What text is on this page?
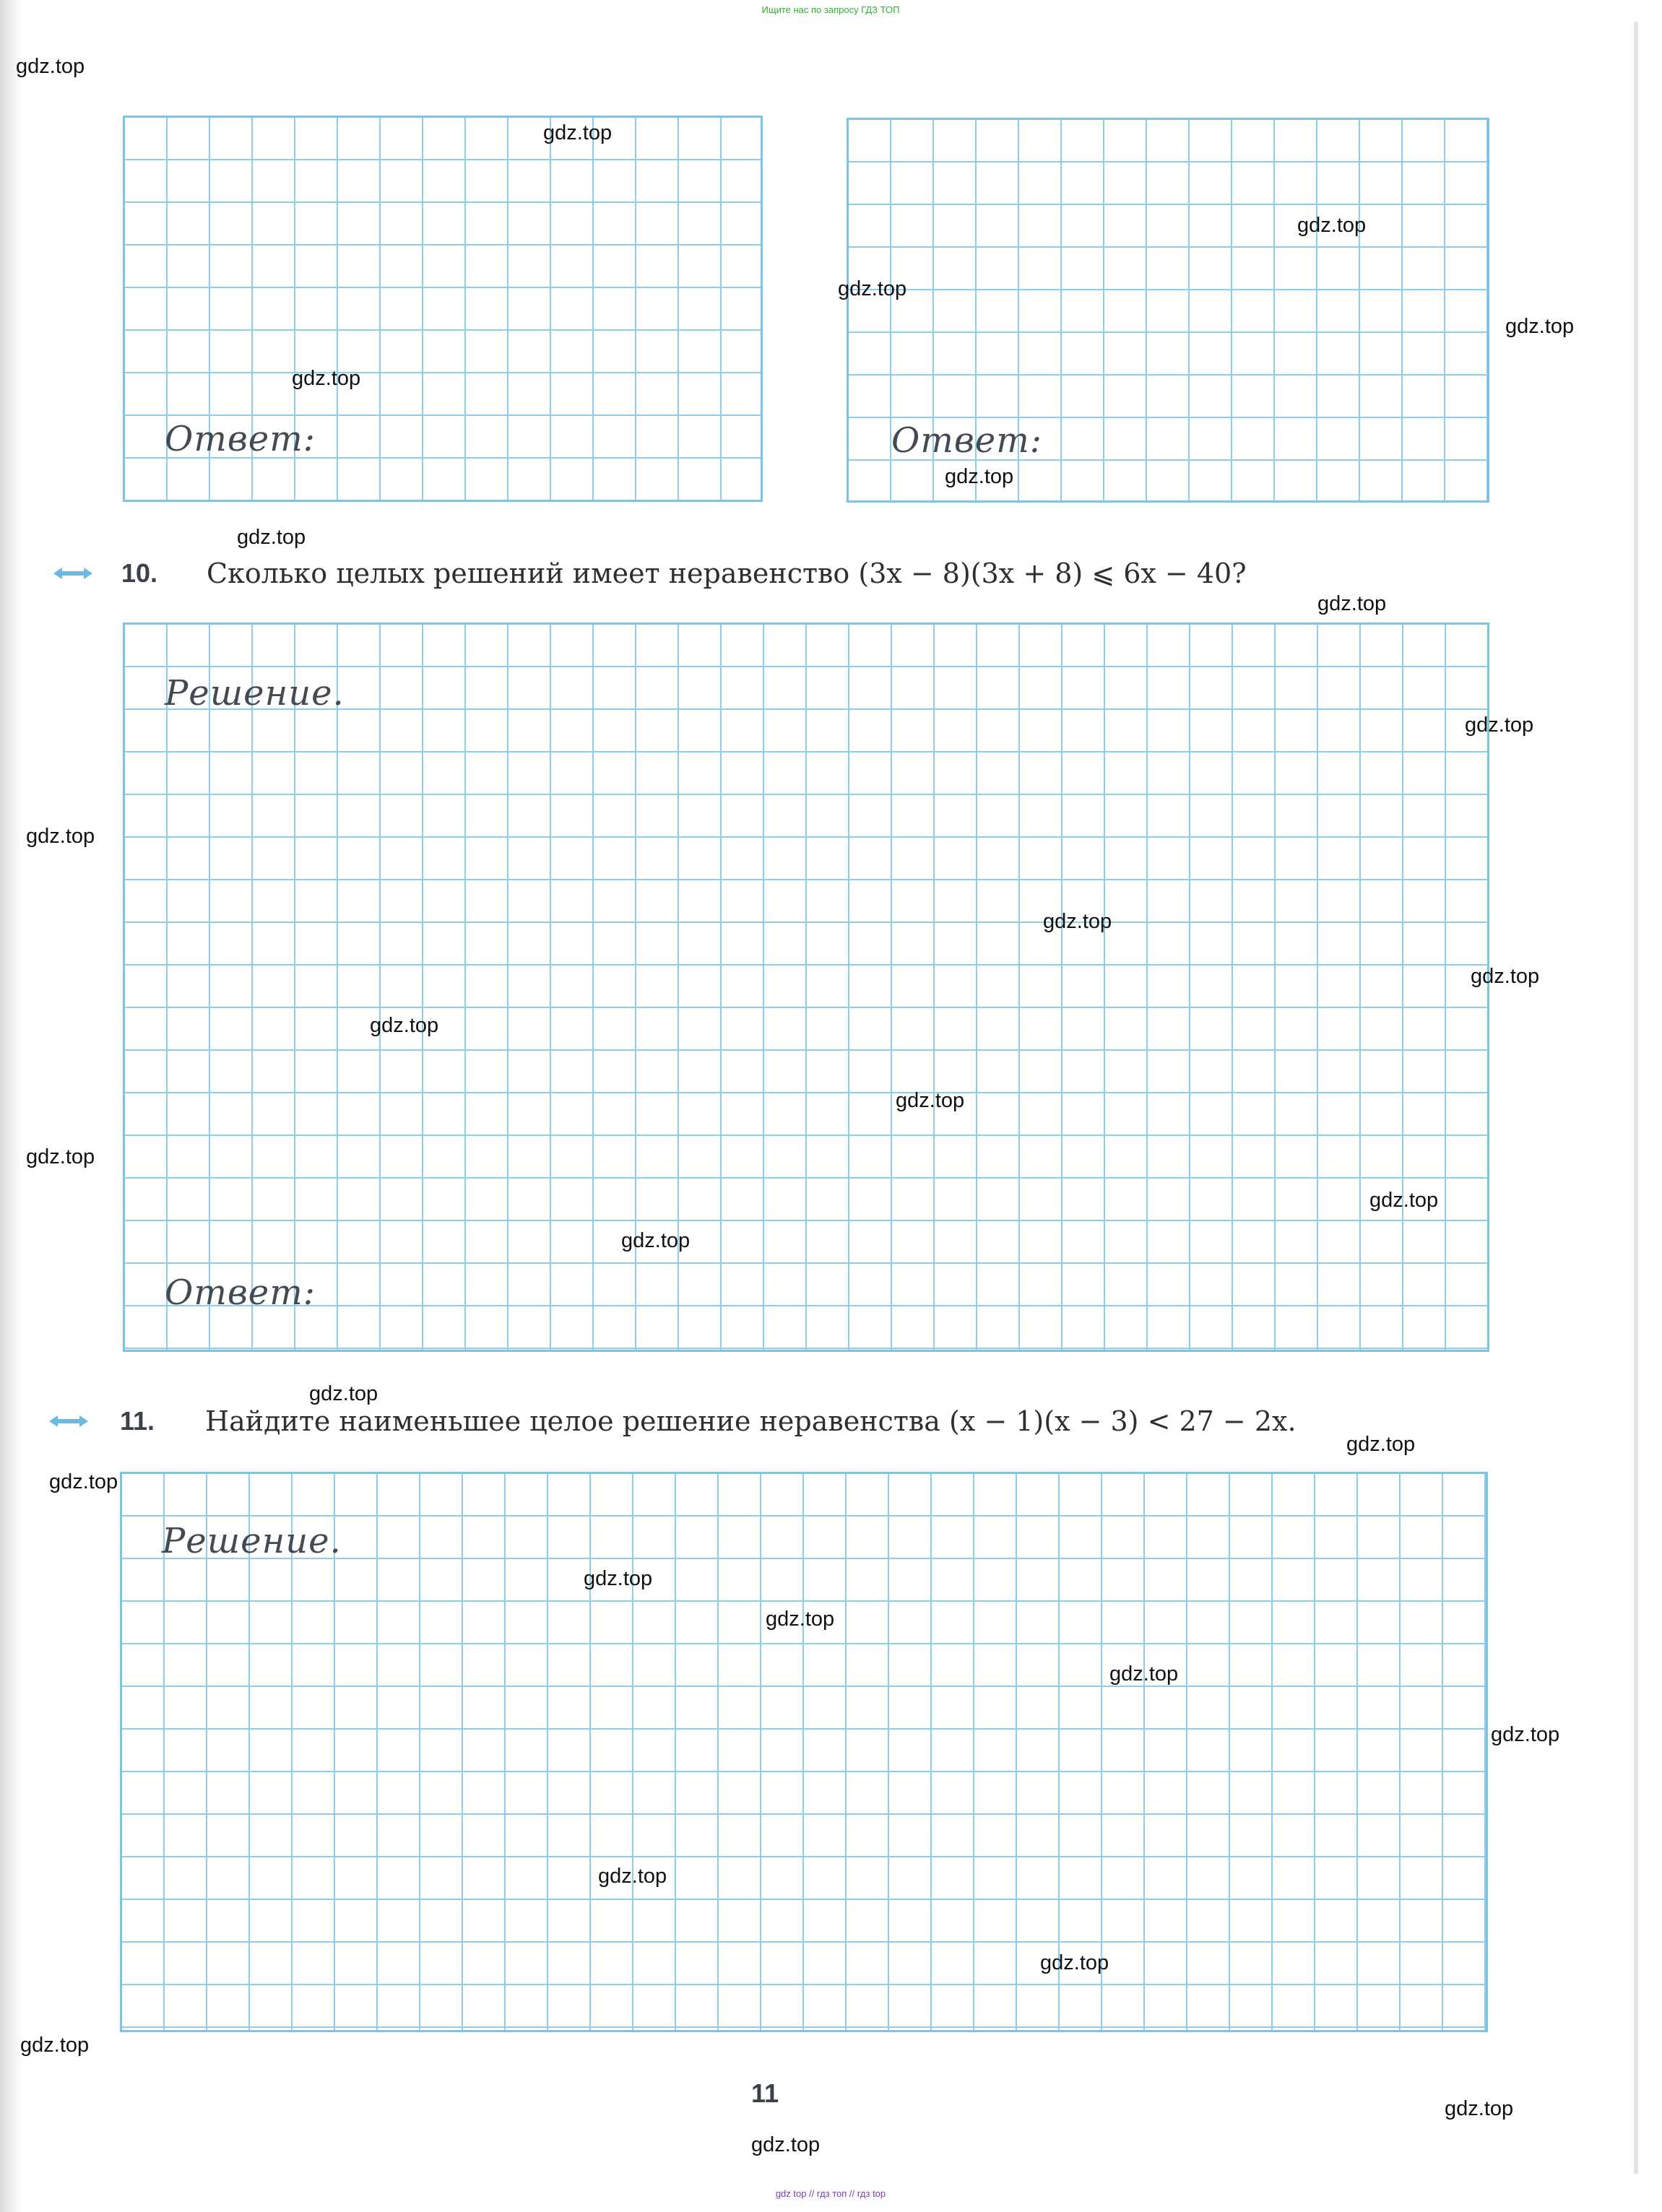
Ищите нас по запросу ГДЗ ТОП
Ответ:	Ответ:
10. Сколько целых решений имеет неравенство (3x − 8)(3x + 8) ⩽ 6x − 40?
Решение.
Ответ:
11. Найдите наименьшее целое решение неравенства (x − 1)(x − 3) < 27 − 2x.
Решение.
11
gdz.top
gdz.top
gdz.top
gdz.top
gdz.top
gdz.top
gdz.top
gdz.top
gdz.top
gdz.top
gdz.top
gdz.top
gdz.top
gdz.top
gdz.top
gdz.top
gdz.top
gdz.top
gdz.top
gdz.top
gdz.top
gdz.top
gdz.top
gdz.top
gdz.top
gdz.top
gdz.top
gdz.top
gdz.top
gdz.top
gdz top // гдз топ // гдз top
